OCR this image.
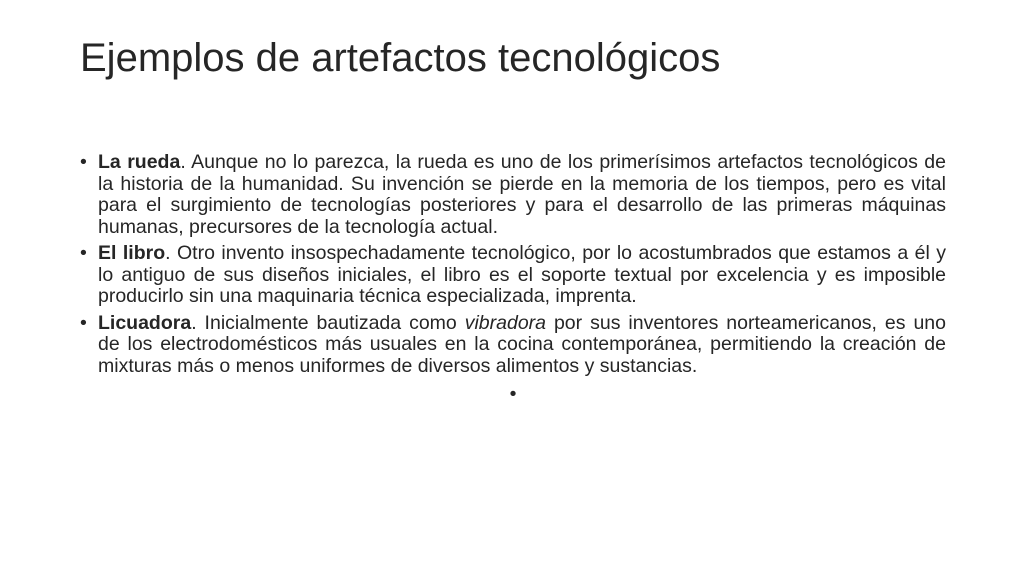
Ejemplos de artefactos tecnológicos
• La rueda. Aunque no lo parezca, la rueda es uno de los primerísimos artefactos tecnológicos de la historia de la humanidad. Su invención se pierde en la memoria de los tiempos, pero es vital para el surgimiento de tecnologías posteriores y para el desarrollo de las primeras máquinas humanas, precursores de la tecnología actual.
• El libro. Otro invento insospechadamente tecnológico, por lo acostumbrados que estamos a él y lo antiguo de sus diseños iniciales, el libro es el soporte textual por excelencia y es imposible producirlo sin una maquinaria técnica especializada, imprenta.
• Licuadora. Inicialmente bautizada como vibradora por sus inventores norteamericanos, es uno de los electrodomésticos más usuales en la cocina contemporánea, permitiendo la creación de mixturas más o menos uniformes de diversos alimentos y sustancias.
•
